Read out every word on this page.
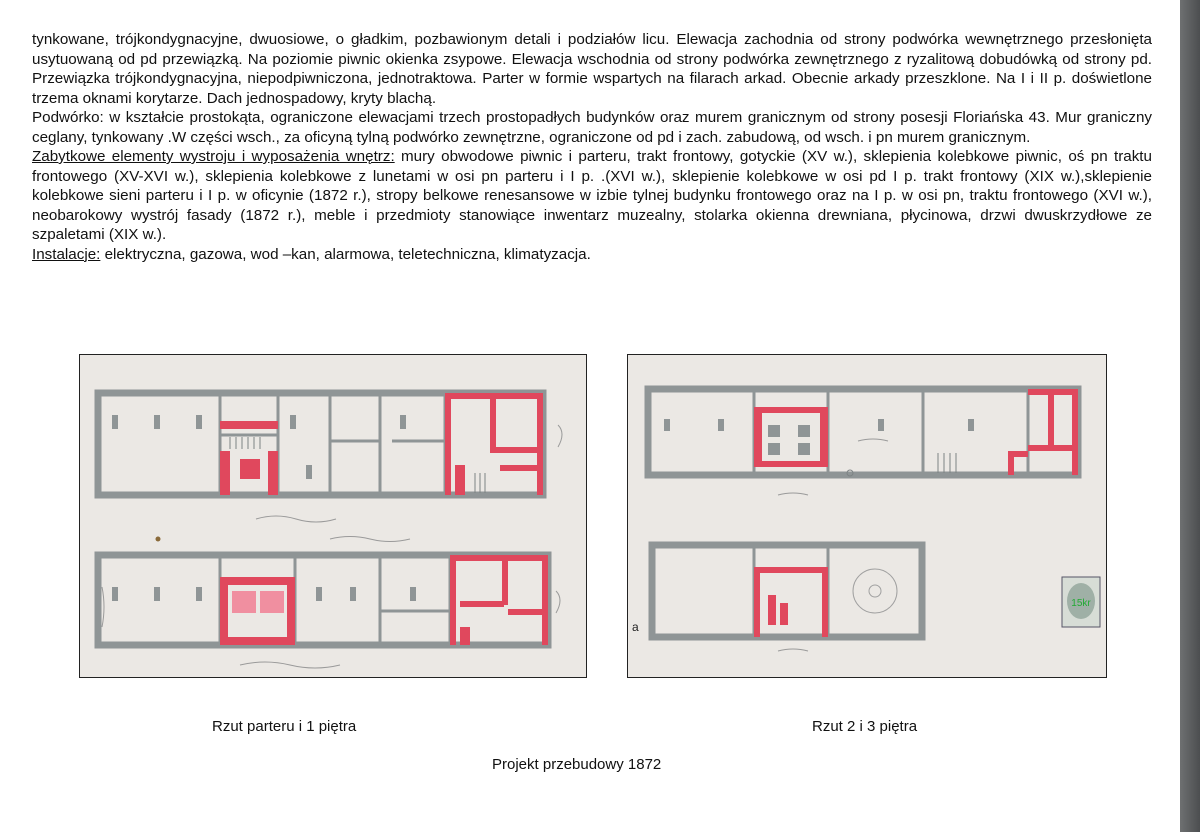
tynkowane, trójkondygnacyjne, dwuosiowe, o gładkim, pozbawionym detali i podziałów licu. Elewacja zachodnia od strony podwórka wewnętrznego przesłonięta usytuowaną od pd przewiązką. Na poziomie piwnic okienka zsypowe. Elewacja wschodnia od strony podwórka zewnętrznego z ryzalitową dobudówką od strony pd. Przewiązka trójkondygnacyjna, niepodpiwniczona, jednotraktowa. Parter w formie wspartych na filarach arkad. Obecnie arkady przeszklone. Na I i II p. doświetlone trzema oknami korytarze. Dach jednospadowy, kryty blachą.

Podwórko: w kształcie prostokąta, ograniczone elewacjami trzech prostopadłych budynków oraz murem granicznym od strony posesji Floriańska 43. Mur graniczny ceglany, tynkowany .W części wsch., za oficyną tylną podwórko zewnętrzne, ograniczone od pd i zach. zabudową, od wsch. i pn murem granicznym.

Zabytkowe elementy wystroju i wyposażenia wnętrz: mury obwodowe piwnic i parteru, trakt frontowy, gotyckie (XV w.), sklepienia kolebkowe piwnic, oś pn traktu frontowego (XV-XVI w.), sklepienia kolebkowe z lunetami w osi pn parteru i I p. .(XVI w.), sklepienie kolebkowe w osi pd I p. trakt frontowy (XIX w.),sklepienie kolebkowe sieni parteru i I p. w oficynie (1872 r.), stropy belkowe renesansowe w izbie tylnej budynku frontowego oraz na I p. w osi pn, traktu frontowego (XVI w.), neobarokowy wystrój fasady (1872 r.), meble i przedmioty stanowiące inwentarz muzealny, stolarka okienna drewniana, płycinowa, drzwi dwuskrzydłowe ze szpaletami (XIX w.).

Instalacje: elektryczna, gazowa, wod –kan, alarmowa, teletechniczna, klimatyzacja.

15kr
a
Rzut parteru i 1 piętra	Rzut 2 i 3 piętra
Projekt przebudowy 1872
